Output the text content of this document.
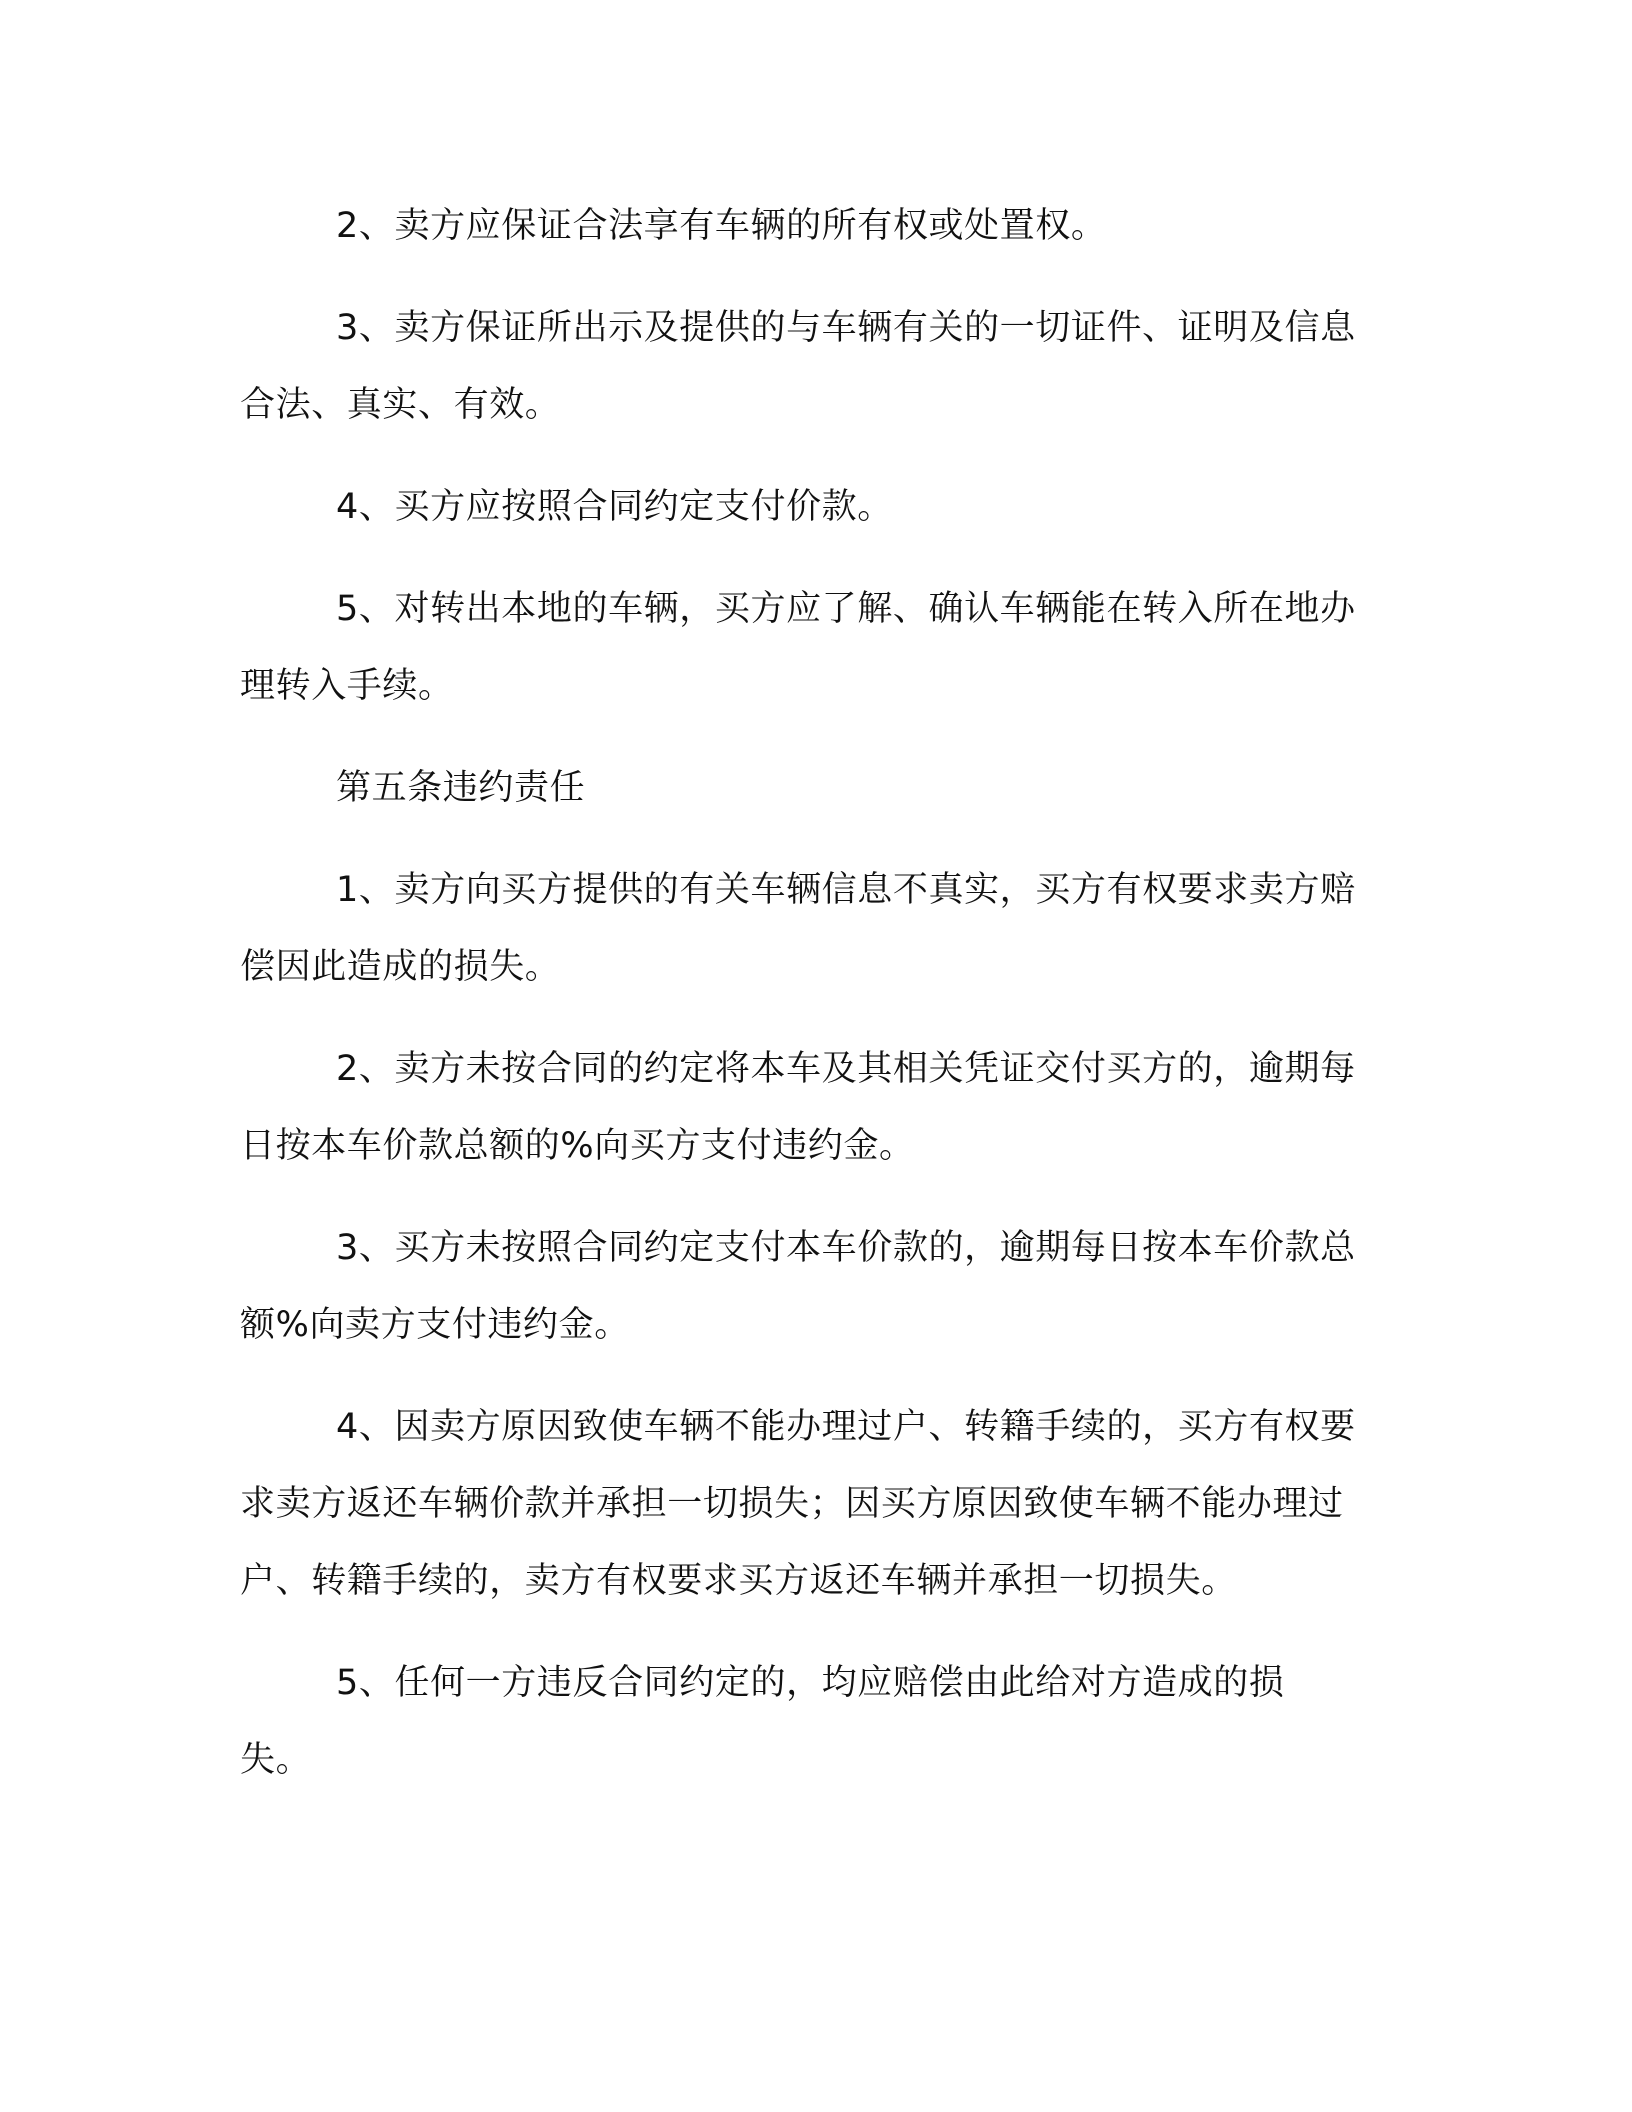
2、卖方应保证合法享有车辆的所有权或处置权。

3、卖方保证所出示及提供的与车辆有关的一切证件、证明及信息合法、真实、有效。

4、买方应按照合同约定支付价款。

5、对转出本地的车辆，买方应了解、确认车辆能在转入所在地办理转入手续。

第五条违约责任

1、卖方向买方提供的有关车辆信息不真实，买方有权要求卖方赔偿因此造成的损失。

2、卖方未按合同的约定将本车及其相关凭证交付买方的，逾期每日按本车价款总额的%向买方支付违约金。

3、买方未按照合同约定支付本车价款的，逾期每日按本车价款总额%向卖方支付违约金。

4、因卖方原因致使车辆不能办理过户、转籍手续的，买方有权要求卖方返还车辆价款并承担一切损失；因买方原因致使车辆不能办理过户、转籍手续的，卖方有权要求买方返还车辆并承担一切损失。

5、任何一方违反合同约定的，均应赔偿由此给对方造成的损失。
